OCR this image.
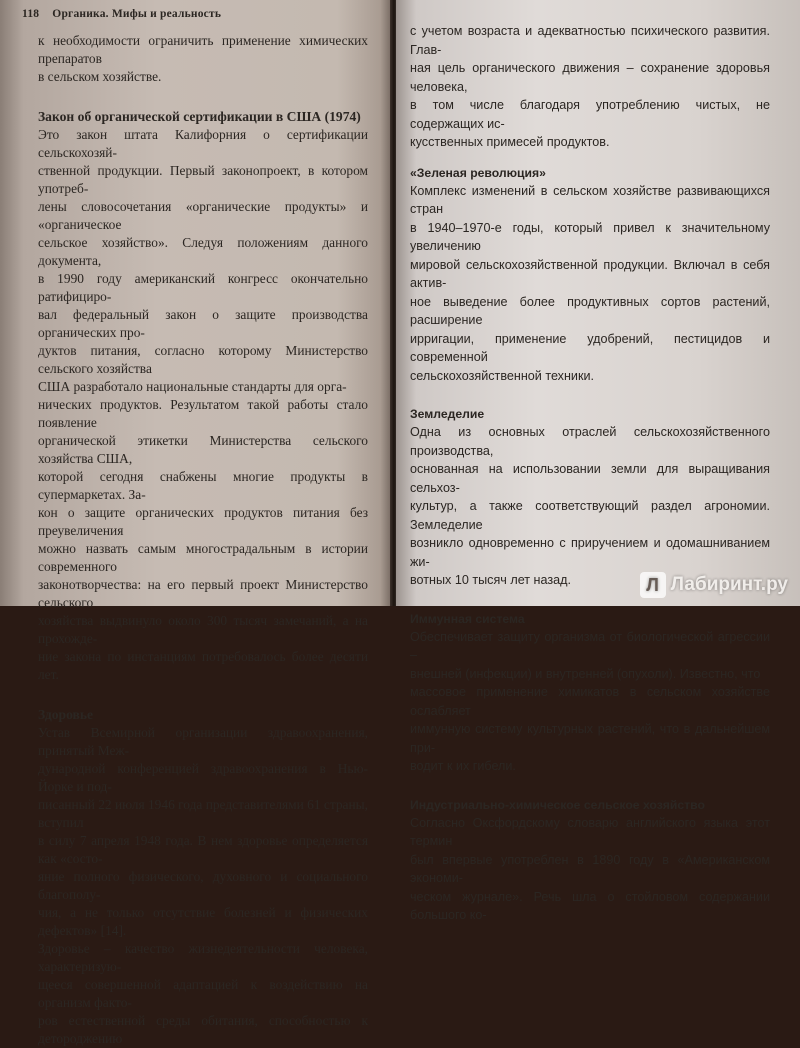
118 Органика. Мифы и реальность

к необходимости ограничить применение химических препаратов

в сельском хозяйстве.

Закон об органической сертификации в США (1974)

Это закон штата Калифорния о сертификации сельскохозяй-

ственной продукции. Первый законопроект, в котором употреб-

лены словосочетания «органические продукты» и «органическое

сельское хозяйство». Следуя положениям данного документа,

в 1990 году американский конгресс окончательно ратифициро-

вал федеральный закон о защите производства органических про-

дуктов питания, согласно которому Министерство сельского хозяйства

США разработало национальные стандарты для орга-

нических продуктов. Результатом такой работы стало появление

органической этикетки Министерства сельского хозяйства США,

которой сегодня снабжены многие продукты в супермаркетах. За-

кон о защите органических продуктов питания без преувеличения

можно назвать самым многострадальным в истории современного

законотворчества: на его первый проект Министерство сельского

хозяйства выдвинуло около 300 тысяч замечаний, а на прохожде-

ние закона по инстанциям потребовалось более десяти лет.

Здоровье

Устав Всемирной организации здравоохранения, принятый Меж-

дународной конференцией здравоохранения в Нью-Йорке и под-

писанный 22 июля 1946 года представителями 61 страны, вступил

в силу 7 апреля 1948 года. В нем здоровье определяется как «состо-

яние полного физического, духовного и социального благополу-

чия, а не только отсутствие болезней и физических дефектов» [14].

Здоровье – качество жизнедеятельности человека, характеризую-

щееся совершенной адаптацией к воздействию на организм факто-

ров естественной среды обитания, способностью к детороджению

с учетом возраста и адекватностью психического развития. Глав-

ная цель органического движения – сохранение здоровья человека,

в том числе благодаря употреблению чистых, не содержащих ис-

кусственных примесей продуктов.

«Зеленая революция»

Комплекс изменений в сельском хозяйстве развивающихся стран

в 1940–1970-е годы, который привел к значительному увеличению

мировой сельскохозяйственной продукции. Включал в себя актив-

ное выведение более продуктивных сортов растений, расширение

ирригации, применение удобрений, пестицидов и современной

сельскохозяйственной техники.

Земледелие

Одна из основных отраслей сельскохозяйственного производства,

основанная на использовании земли для выращивания сельхоз-

культур, а также соответствующий раздел агрономии. Земледелие

возникло одновременно с приручением и одомашниванием жи-

вотных 10 тысяч лет назад.

Иммунная система

Обеспечивает защиту организма от биологической агрессии –

внешней (инфекции) и внутренней (опухоли). Известно, что

массовое применение химикатов в сельском хозяйстве ослабляет

иммунную систему культурных растений, что в дальнейшем при-

водит к их гибели.

Индустриально-химическое сельское хозяйство

Согласно Оксфордскому словарю английского языка этот термин

был впервые употреблен в 1890 году в «Американском экономи-

ческом журнале». Речь шла о стойловом содержании большого ко-

Л Лабиринт.ру
